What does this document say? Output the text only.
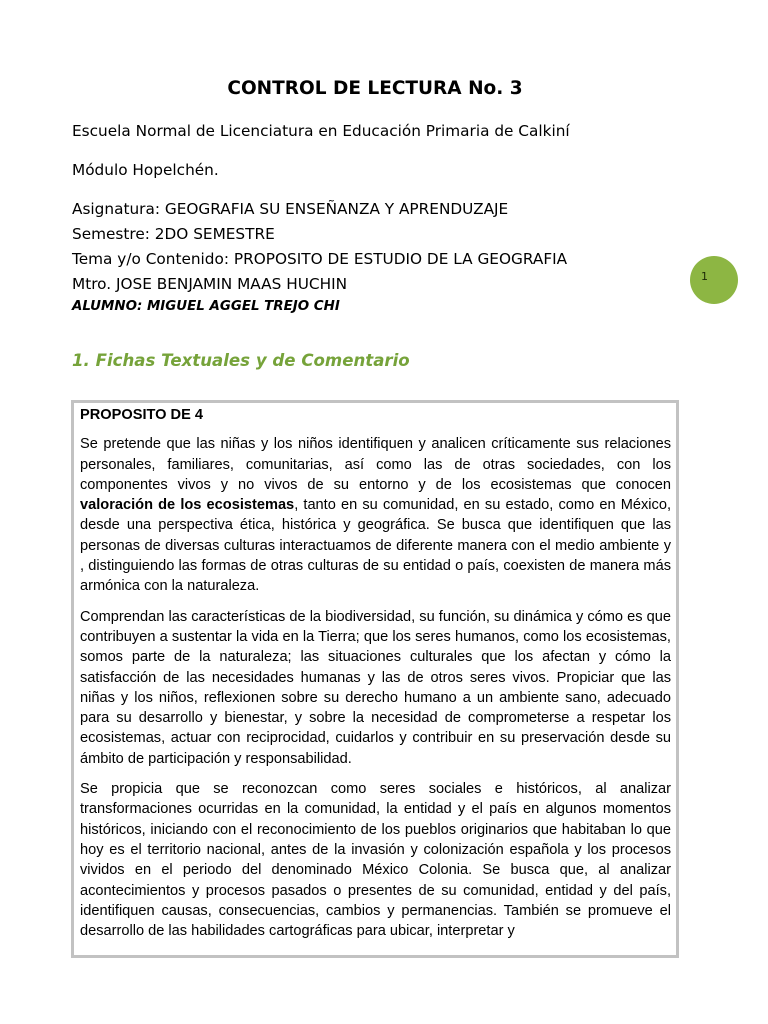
CONTROL DE LECTURA No. 3
Escuela Normal de Licenciatura en Educación Primaria de Calkiní
Módulo Hopelchén.
Asignatura: GEOGRAFIA SU ENSEÑANZA Y APRENDUZAJE
Semestre: 2DO SEMESTRE
Tema y/o Contenido: PROPOSITO DE ESTUDIO DE LA GEOGRAFIA
Mtro. JOSE BENJAMIN MAAS HUCHIN
ALUMNO: MIGUEL AGGEL TREJO CHI
1
1. Fichas Textuales y de Comentario
PROPOSITO DE 4

Se pretende que las niñas y los niños identifiquen y analicen críticamente sus relaciones personales, familiares, comunitarias, así como las de otras sociedades, con los componentes vivos y no vivos de su entorno y de los ecosistemas que conocen valoración de los ecosistemas, tanto en su comunidad, en su estado, como en México, desde una perspectiva ética, histórica y geográfica. Se busca que identifiquen que las personas de diversas culturas interactuamos de diferente manera con el medio ambiente y , distinguiendo las formas de otras culturas de su entidad o país, coexisten de manera más armónica con la naturaleza.

Comprendan las características de la biodiversidad, su función, su dinámica y cómo es que contribuyen a sustentar la vida en la Tierra; que los seres humanos, como los ecosistemas, somos parte de la naturaleza; las situaciones culturales que los afectan y cómo la satisfacción de las necesidades humanas y las de otros seres vivos. Propiciar que las niñas y los niños, reflexionen sobre su derecho humano a un ambiente sano, adecuado para su desarrollo y bienestar, y sobre la necesidad de comprometerse a respetar los ecosistemas, actuar con reciprocidad, cuidarlos y contribuir en su preservación desde su ámbito de participación y responsabilidad.

Se propicia que se reconozcan como seres sociales e históricos, al analizar transformaciones ocurridas en la comunidad, la entidad y el país en algunos momentos históricos, iniciando con el reconocimiento de los pueblos originarios que habitaban lo que hoy es el territorio nacional, antes de la invasión y colonización española y los procesos vividos en el periodo del denominado México Colonia. Se busca que, al analizar acontecimientos y procesos pasados o presentes de su comunidad, entidad y del país, identifiquen causas, consecuencias, cambios y permanencias. También se promueve el desarrollo de las habilidades cartográficas para ubicar, interpretar y
